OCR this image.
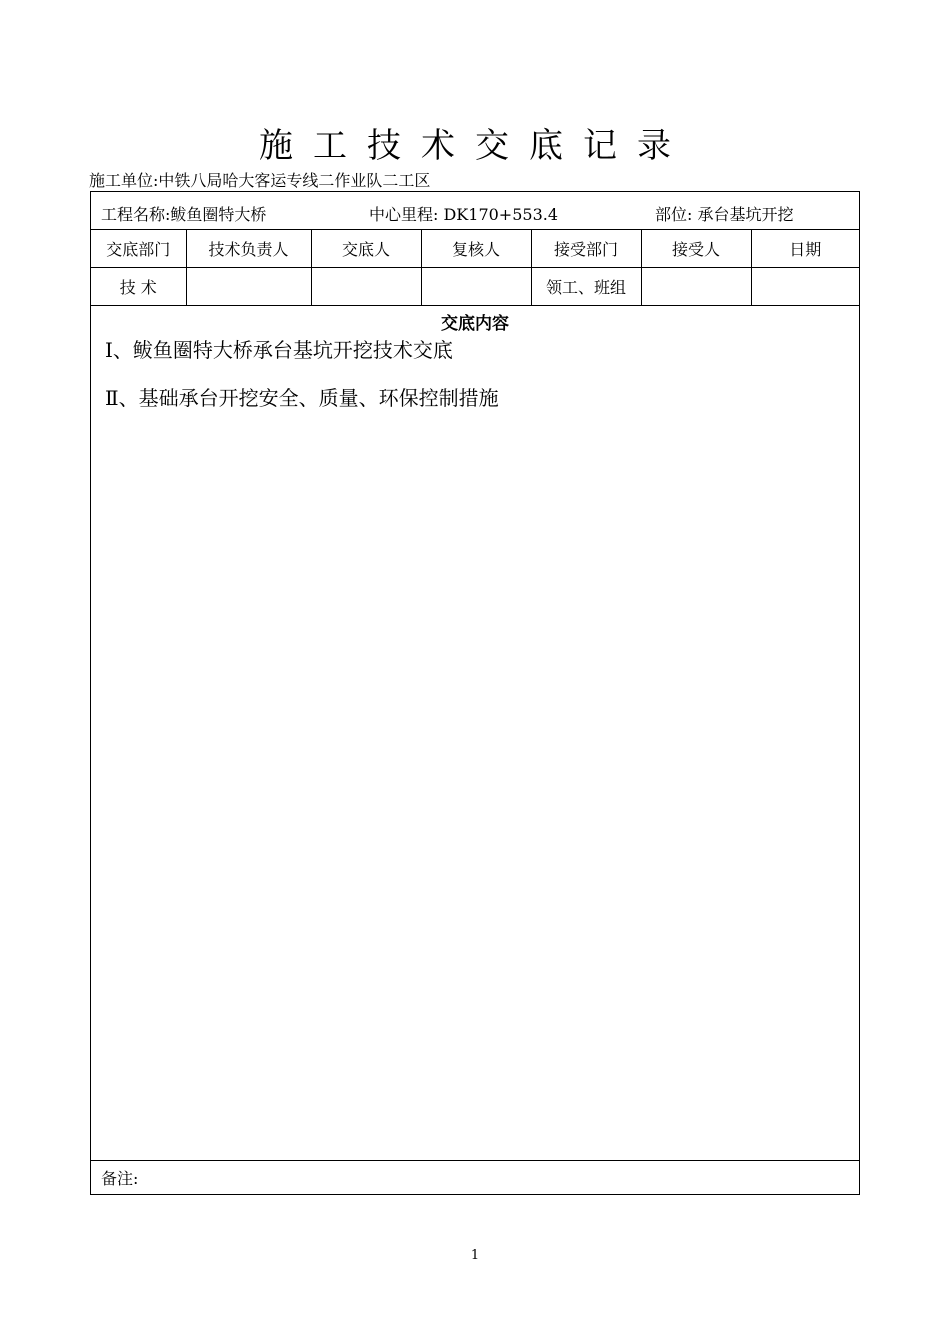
施工技术交底记录

施工单位:中铁八局哈大客运专线二作业队二工区

工程名称:鲅鱼圈特大桥	中心里程: DK170+553.4	部位: 承台基坑开挖
交底部门	技术负责人	交底人	复核人	接受部门	接受人	日期
技 术				领工、班组		
交底内容
Ⅰ、鲅鱼圈特大桥承台基坑开挖技术交底
Ⅱ、基础承台开挖安全、质量、环保控制措施
备注:
1
